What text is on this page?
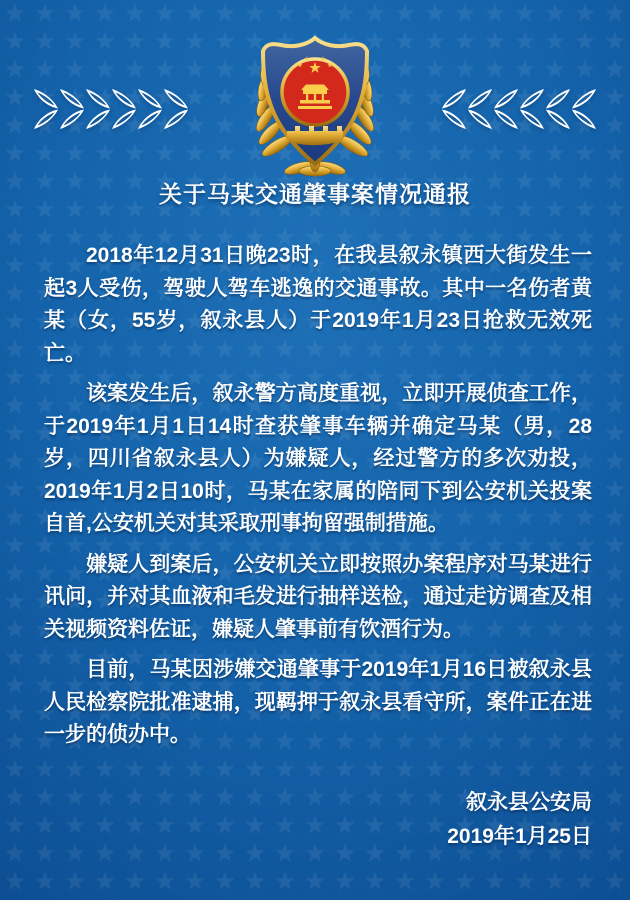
关于马某交通肇事案情况通报

2018年12月31日晚23时，在我县叙永镇西大街发生一起3人受伤，驾驶人驾车逃逸的交通事故。其中一名伤者黄某（女，55岁，叙永县人）于2019年1月23日抢救无效死亡。

该案发生后，叙永警方高度重视，立即开展侦查工作，于2019年1月1日14时查获肇事车辆并确定马某（男，28岁，四川省叙永县人）为嫌疑人，经过警方的多次劝投，2019年1月2日10时，马某在家属的陪同下到公安机关投案自首,公安机关对其采取刑事拘留强制措施。

嫌疑人到案后，公安机关立即按照办案程序对马某进行讯问，并对其血液和毛发进行抽样送检，通过走访调查及相关视频资料佐证，嫌疑人肇事前有饮酒行为。

目前，马某因涉嫌交通肇事于2019年1月16日被叙永县人民检察院批准逮捕，现羁押于叙永县看守所，案件正在进一步的侦办中。

叙永县公安局
2019年1月25日
